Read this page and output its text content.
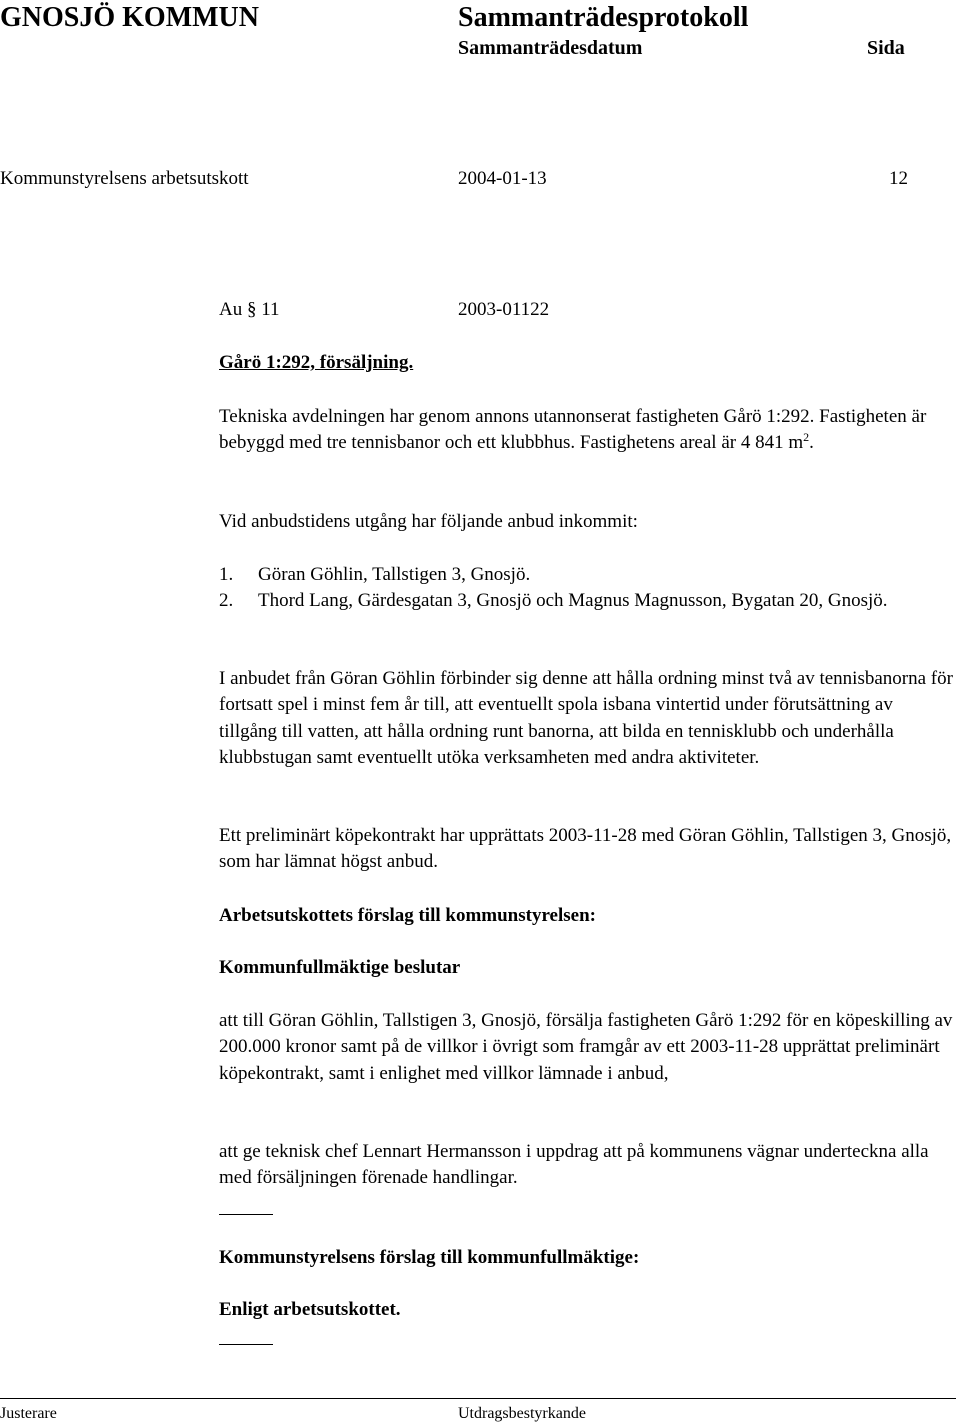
GNOSJÖ KOMMUN	Sammanträdesprotokoll
Sammanträdesdatum	Sida
Kommunstyrelsens arbetsutskott	2004-01-13	12
Au § 11	2003-01122
Gårö 1:292, försäljning.

Tekniska avdelningen har genom annons utannonserat fastigheten Gårö 1:292. Fastigheten är bebyggd med tre tennisbanor och ett klubbhus. Fastighetens areal är 4 841 $m^2$.

Vid anbudstidens utgång har följande anbud inkommit:

1. Göran Göhlin, Tallstigen 3, Gnosjö.
2. Thord Lang, Gärdesgatan 3, Gnosjö och Magnus Magnusson, Bygatan 20, Gnosjö.

I anbudet från Göran Göhlin förbinder sig denne att hålla ordning minst två av tennisbanorna för fortsatt spel i minst fem år till, att eventuellt spola isbana vintertid under förutsättning av tillgång till vatten, att hålla ordning runt banorna, att bilda en tennisklubb och underhålla klubbstugan samt eventuellt utöka verksamheten med andra aktiviteter.

Ett preliminärt köpekontrakt har upprättats 2003-11-28 med Göran Göhlin, Tallstigen 3, Gnosjö, som har lämnat högst anbud.

Arbetsutskottets förslag till kommunstyrelsen:
Kommunfullmäktige beslutar

att till Göran Göhlin, Tallstigen 3, Gnosjö, försälja fastigheten Gårö 1:292 för en köpeskilling av 200.000 kronor samt på de villkor i övrigt som framgår av ett 2003-11-28 upprättat preliminärt köpekontrakt, samt i enlighet med villkor lämnade i anbud,

att ge teknisk chef Lennart Hermansson i uppdrag att på kommunens vägnar underteckna alla med försäljningen förenade handlingar.

Kommunstyrelsens förslag till kommunfullmäktige:
Enligt arbetsutskottet.
Justerare	Utdragsbestyrkande
